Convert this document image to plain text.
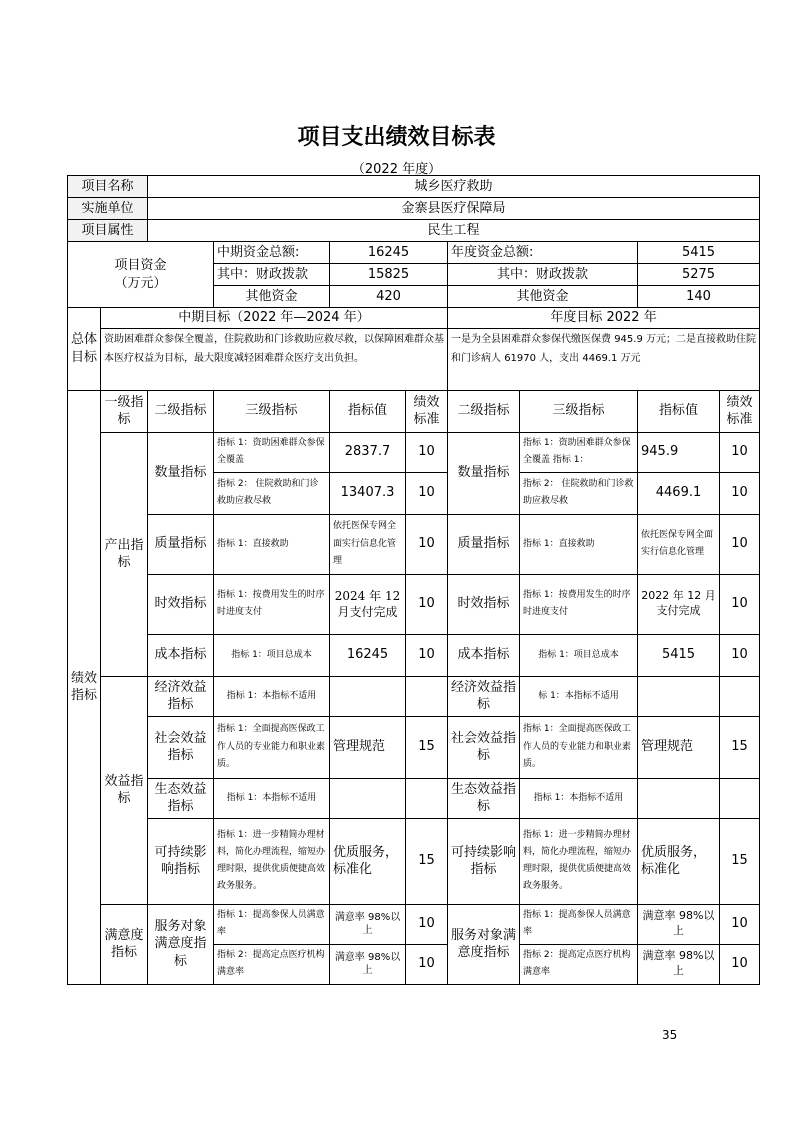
项目支出绩效目标表
（2022 年度）
项目名称		城乡医疗救助							
实施单位		金寨县医疗保障局							
项目属性		民生工程							
项目资金（万元）			中期资金总额:	16245		年度资金总额:		5415	
			其中：财政拨款	15825		其中：财政拨款		5275	
			其他资金	420		其他资金		140	
总体目标	中期目标（2022 年—2024 年）					年度目标 2022 年			
	资助困难群众参保全覆盖，住院救助和门诊救助应救尽救，以保障困难群众基本医疗权益为目标，最大限度减轻困难群众医疗支出负担。					一是为全县困难群众参保代缴医保费 945.9 万元；二是直接救助住院和门诊病人 61970 人，支出 4469.1 万元			
绩效指标	一级指标	二级指标	三级指标	指标值	绩效标准	二级指标	三级指标	指标值	绩效标准
	产出指标	数量指标	指标 1：资助困难群众参保全覆盖	2837.7	10	数量指标	指标 1：资助困难群众参保全覆盖 指标 1：	945.9	10
			指标 2： 住院救助和门诊救助应救尽救	13407.3	10		指标 2： 住院救助和门诊救助应救尽救	4469.1	10
		质量指标	指标 1：直接救助	依托医保专网全面实行信息化管理	10	质量指标	指标 1：直接救助	依托医保专网全面实行信息化管理	10
		时效指标	指标 1：按费用发生的时序时进度支付	2024 年 12 月支付完成	10	时效指标	指标 1：按费用发生的时序时进度支付	2022 年 12 月支付完成	10
		成本指标	指标 1：项目总成本	16245	10	成本指标	指标 1：项目总成本	5415	10

	效益指标	经济效益指标	指标 1：本指标不适用			经济效益指标	标 1：本指标不适用		
		社会效益指标	指标 1：全面提高医保政工作人员的专业能力和职业素质。	管理规范	15	社会效益指标	指标 1：全面提高医保政工作人员的专业能力和职业素质。	管理规范	15
		生态效益指标	指标 1：本指标不适用			生态效益指标	指标 1：本指标不适用		
		可持续影响指标	指标 1：进一步精简办理材料，简化办理流程，缩短办理时限，提供优质便捷高效政务服务。	优质服务，标准化	15	可持续影响指标	指标 1：进一步精简办理材料，简化办理流程，缩短办理时限，提供优质便捷高效政务服务。	优质服务，标准化	15
	满意度指标	服务对象满意度指标	指标 1：提高参保人员满意率	满意率 98%以上	10	服务对象满意度指标	指标 1：提高参保人员满意率	满意率 98%以上	10
			指标 2：提高定点医疗机构满意率	满意率 98%以上	10		指标 2：提高定点医疗机构满意率	满意率 98%以上	10
35
